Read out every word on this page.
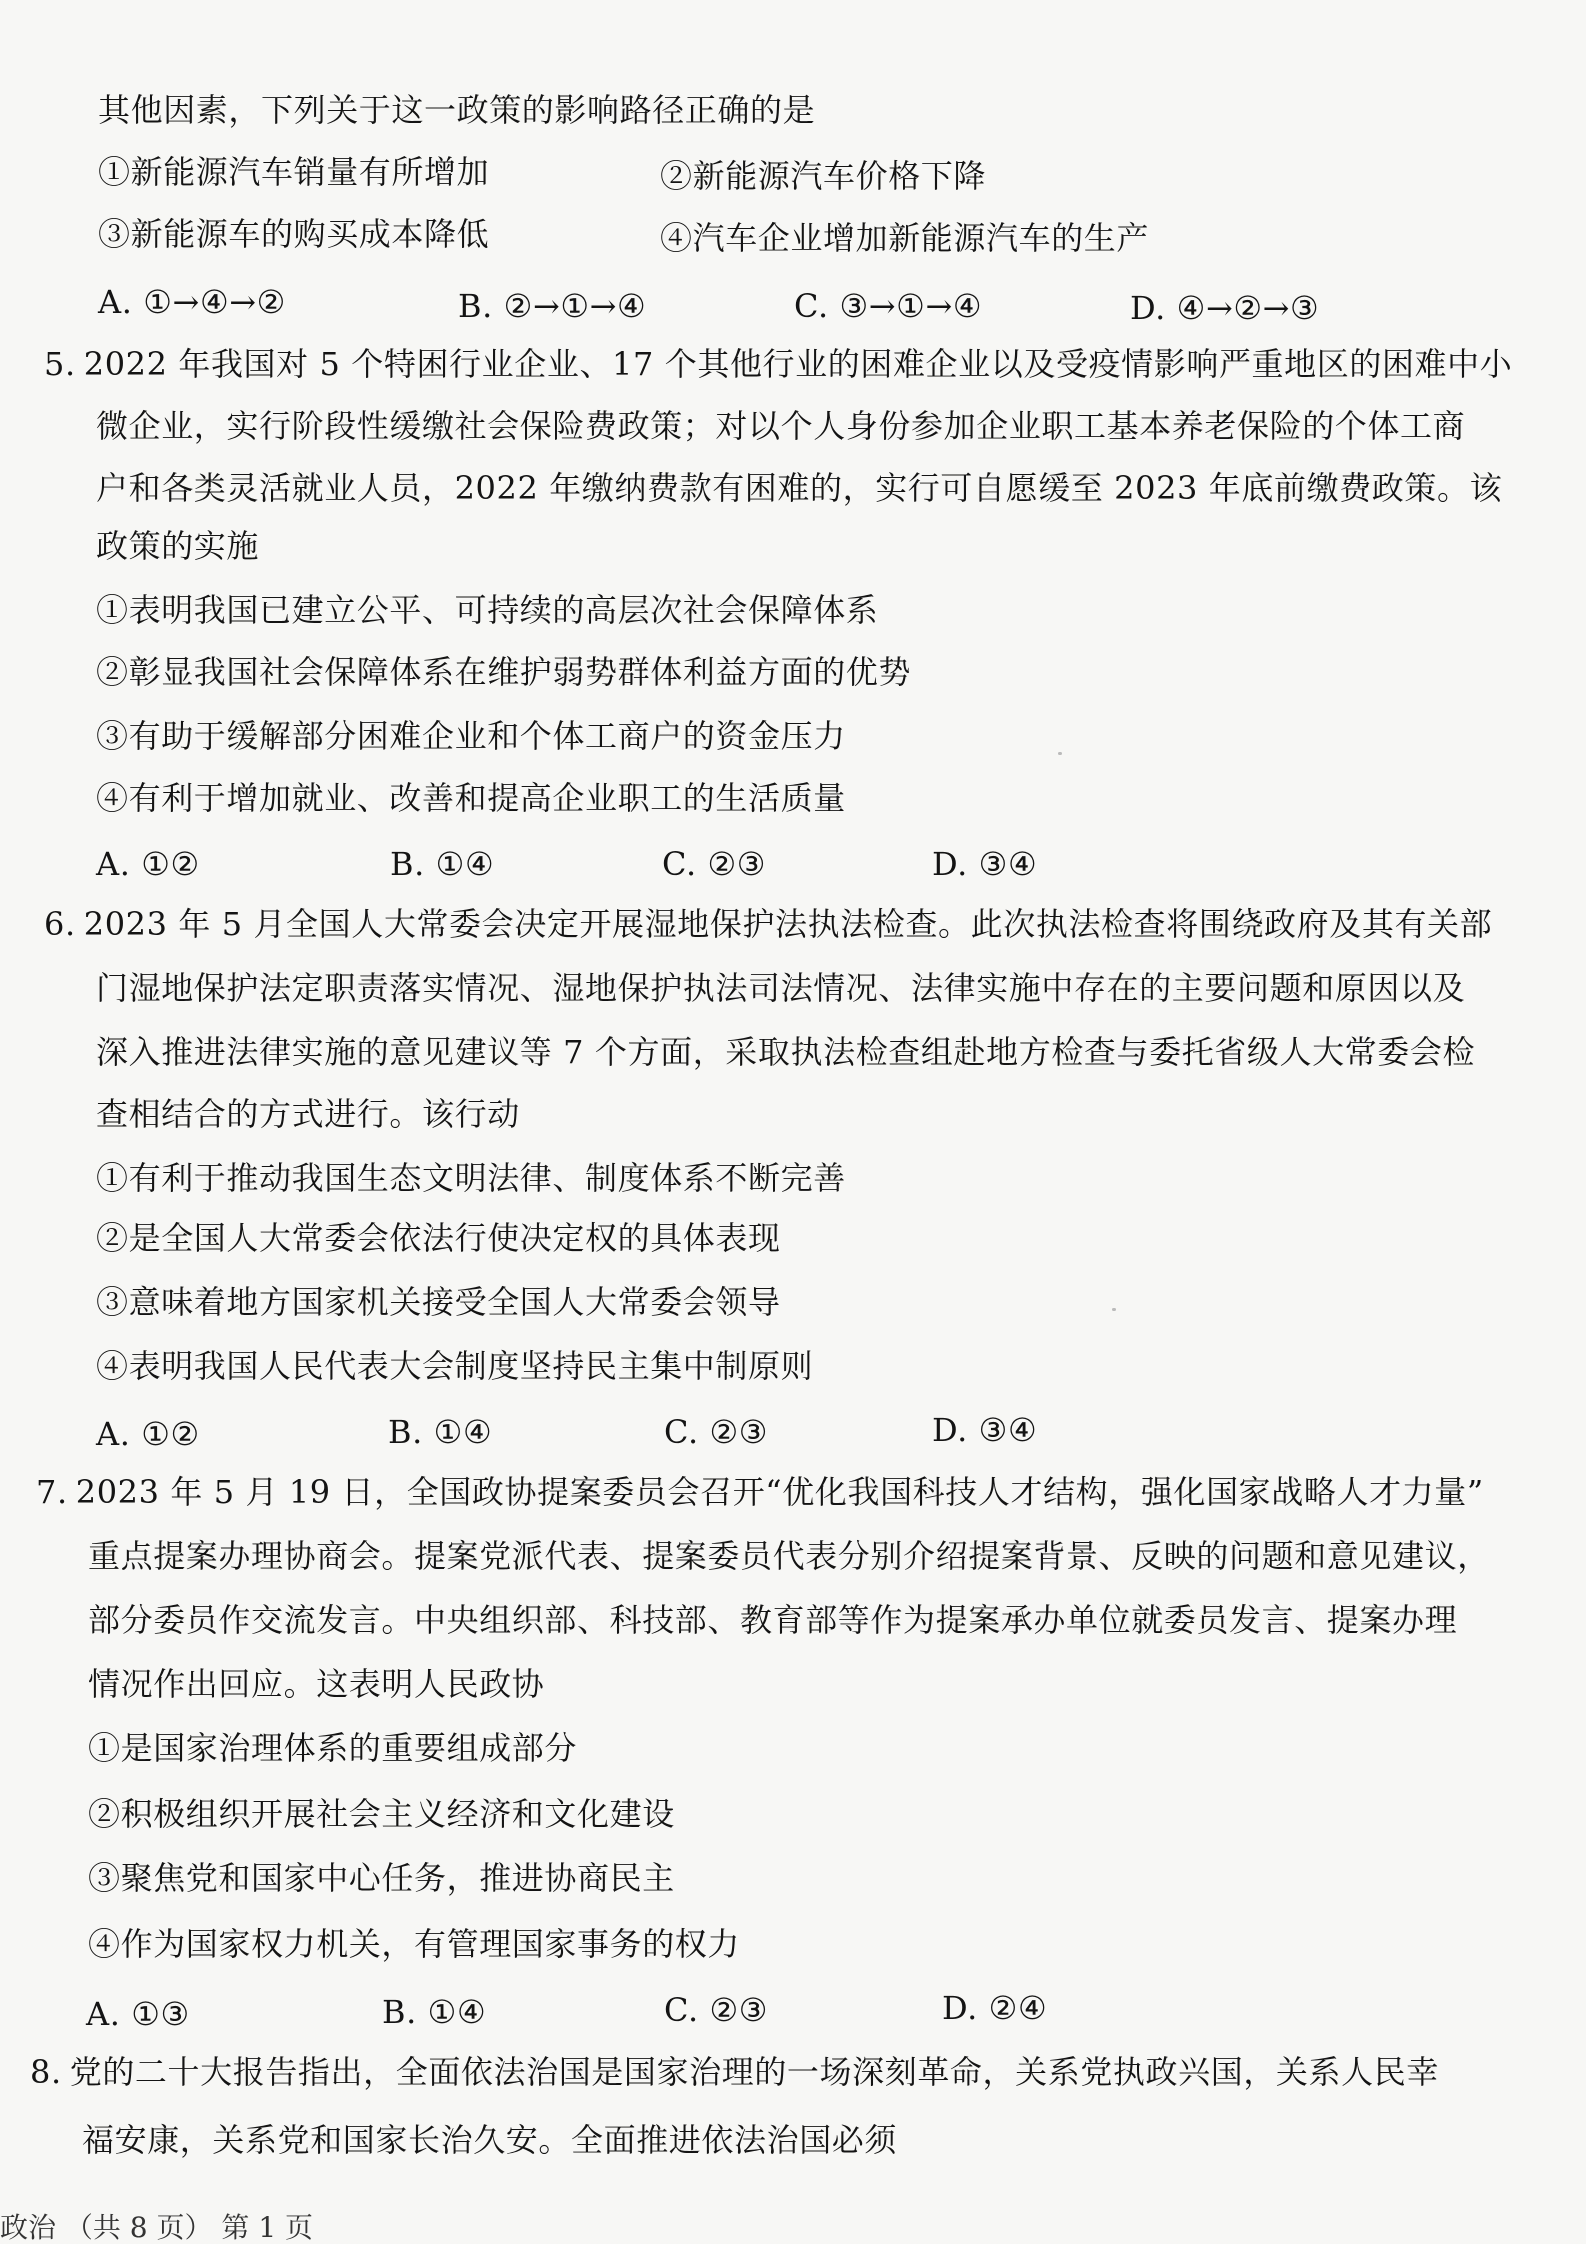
其他因素，下列关于这一政策的影响路径正确的是
①新能源汽车销量有所增加	②新能源汽车价格下降
③新能源车的购买成本降低	④汽车企业增加新能源汽车的生产
A. ①→④→②	B. ②→①→④	C. ③→①→④	D. ④→②→③
5. 2022 年我国对 5 个特困行业企业、17 个其他行业的困难企业以及受疫情影响严重地区的困难中小
微企业，实行阶段性缓缴社会保险费政策；对以个人身份参加企业职工基本养老保险的个体工商
户和各类灵活就业人员，2022 年缴纳费款有困难的，实行可自愿缓至 2023 年底前缴费政策。该
政策的实施
①表明我国已建立公平、可持续的高层次社会保障体系
②彰显我国社会保障体系在维护弱势群体利益方面的优势
③有助于缓解部分困难企业和个体工商户的资金压力
④有利于增加就业、改善和提高企业职工的生活质量
A. ①②	B. ①④	C. ②③	D. ③④
6. 2023 年 5 月全国人大常委会决定开展湿地保护法执法检查。此次执法检查将围绕政府及其有关部
门湿地保护法定职责落实情况、湿地保护执法司法情况、法律实施中存在的主要问题和原因以及
深入推进法律实施的意见建议等 7 个方面，采取执法检查组赴地方检查与委托省级人大常委会检
查相结合的方式进行。该行动
①有利于推动我国生态文明法律、制度体系不断完善
②是全国人大常委会依法行使决定权的具体表现
③意味着地方国家机关接受全国人大常委会领导
④表明我国人民代表大会制度坚持民主集中制原则
A. ①②	B. ①④	C. ②③	D. ③④
7. 2023 年 5 月 19 日，全国政协提案委员会召开“优化我国科技人才结构，强化国家战略人才力量”
重点提案办理协商会。提案党派代表、提案委员代表分别介绍提案背景、反映的问题和意见建议，
部分委员作交流发言。中央组织部、科技部、教育部等作为提案承办单位就委员发言、提案办理
情况作出回应。这表明人民政协
①是国家治理体系的重要组成部分
②积极组织开展社会主义经济和文化建设
③聚焦党和国家中心任务，推进协商民主
④作为国家权力机关，有管理国家事务的权力
A. ①③	B. ①④	C. ②③	D. ②④
8. 党的二十大报告指出，全面依法治国是国家治理的一场深刻革命，关系党执政兴国，关系人民幸
福安康，关系党和国家长治久安。全面推进依法治国必须
政治 （共 8 页） 第 1 页
